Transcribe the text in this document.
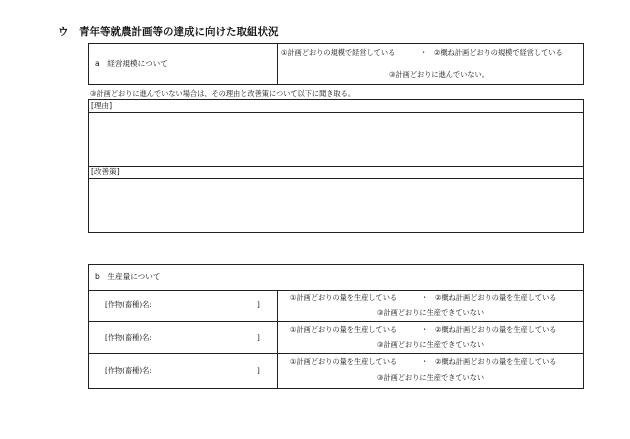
ウ　青年等就農計画等の達成に向けた取組状況
a　経営規模について
①計画どおりの規模で経営している	・ ②概ね計画どおりの規模で経営している
③計画どおりに進んでいない。
③計画どおりに進んでいない場合は、その理由と改善策について以下に聞き取る。
[理由]
[改善策]
b　生産量について
[作物(畜種)名:	]
①計画どおりの量を生産している	・ ②概ね計画どおりの量を生産している
③計画どおりに生産できていない
[作物(畜種)名:	]
①計画どおりの量を生産している	・ ②概ね計画どおりの量を生産している
③計画どおりに生産できていない
[作物(畜種)名:	]
①計画どおりの量を生産している	・ ②概ね計画どおりの量を生産している
③計画どおりに生産できていない
